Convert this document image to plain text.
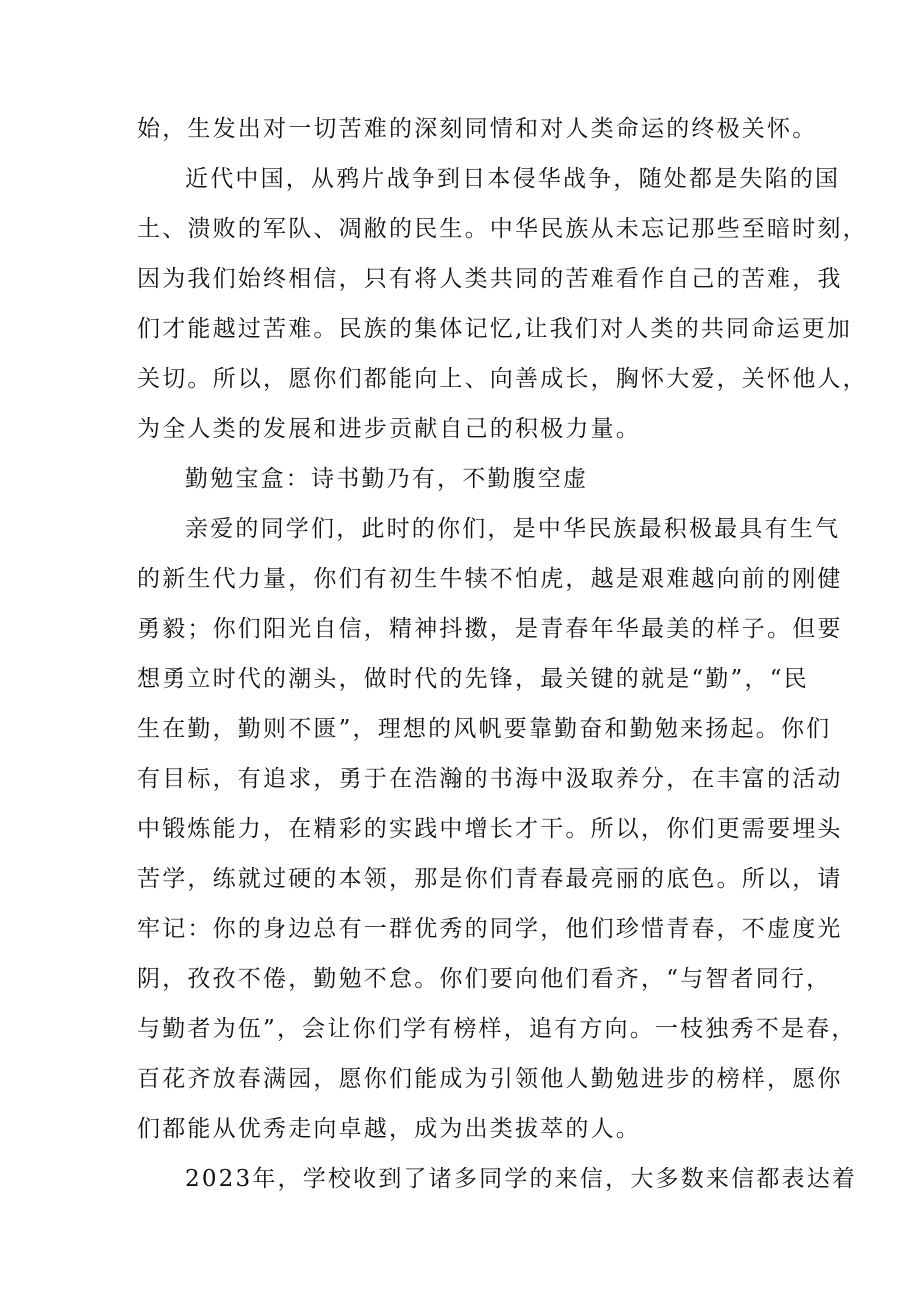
始，生发出对一切苦难的深刻同情和对人类命运的终极关怀。
近代中国，从鸦片战争到日本侵华战争，随处都是失陷的国
土、溃败的军队、凋敝的民生。中华民族从未忘记那些至暗时刻，
因为我们始终相信，只有将人类共同的苦难看作自己的苦难，我
们才能越过苦难。民族的集体记忆,让我们对人类的共同命运更加
关切。所以，愿你们都能向上、向善成长，胸怀大爱，关怀他人，
为全人类的发展和进步贡献自己的积极力量。
勤勉宝盒：诗书勤乃有，不勤腹空虚
亲爱的同学们，此时的你们，是中华民族最积极最具有生气
的新生代力量，你们有初生牛犊不怕虎，越是艰难越向前的刚健
勇毅；你们阳光自信，精神抖擞，是青春年华最美的样子。但要
想勇立时代的潮头，做时代的先锋，最关键的就是“勤”，“民
生在勤，勤则不匮”，理想的风帆要靠勤奋和勤勉来扬起。你们
有目标，有追求，勇于在浩瀚的书海中汲取养分，在丰富的活动
中锻炼能力，在精彩的实践中增长才干。所以，你们更需要埋头
苦学，练就过硬的本领，那是你们青春最亮丽的底色。所以，请
牢记：你的身边总有一群优秀的同学，他们珍惜青春，不虚度光
阴，孜孜不倦，勤勉不怠。你们要向他们看齐，“与智者同行，
与勤者为伍”，会让你们学有榜样，追有方向。一枝独秀不是春，
百花齐放春满园，愿你们能成为引领他人勤勉进步的榜样，愿你
们都能从优秀走向卓越，成为出类拔萃的人。
2023年，学校收到了诸多同学的来信，大多数来信都表达着
